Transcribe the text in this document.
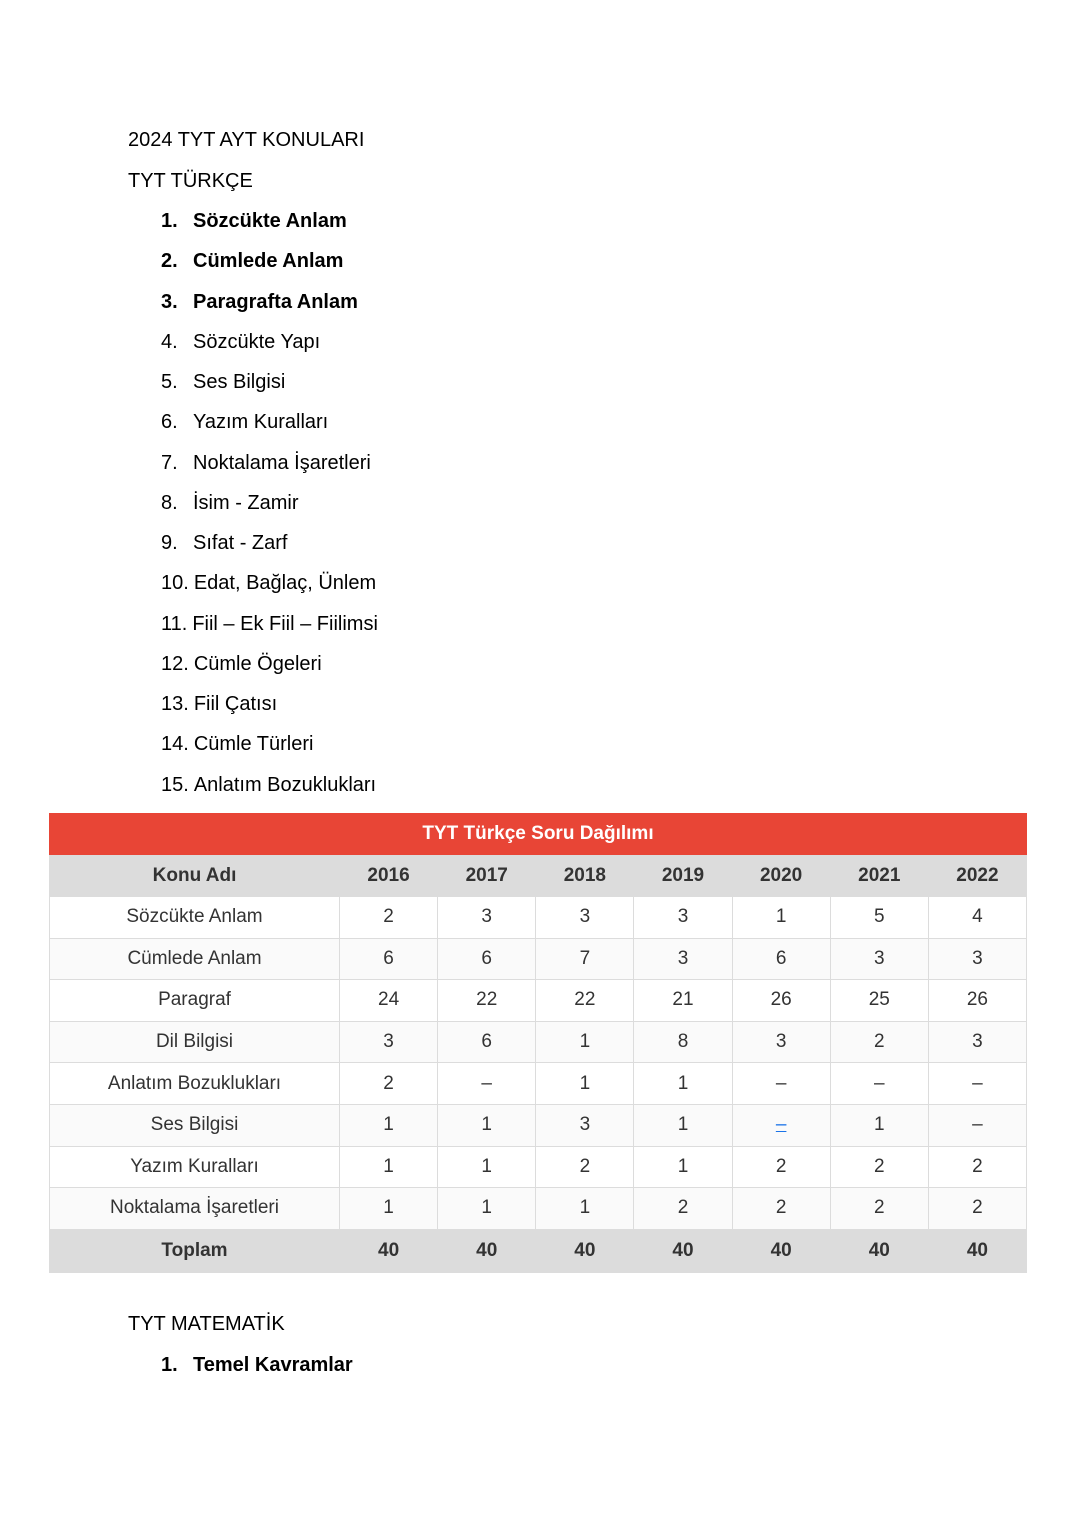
2024 TYT AYT KONULARI
TYT TÜRKÇE
1. Sözcükte Anlam
2. Cümlede Anlam
3. Paragrafta Anlam
4. Sözcükte Yapı
5. Ses Bilgisi
6. Yazım Kuralları
7. Noktalama İşaretleri
8. İsim - Zamir
9. Sıfat - Zarf
10. Edat, Bağlaç, Ünlem
11. Fiil – Ek Fiil – Fiilimsi
12. Cümle Ögeleri
13. Fiil Çatısı
14. Cümle Türleri
15. Anlatım Bozuklukları
TYT Türkçe Soru Dağılımı							
Konu Adı	2016	2017	2018	2019	2020	2021	2022
Sözcükte Anlam	2	3	3	3	1	5	4
Cümlede Anlam	6	6	7	3	6	3	3
Paragraf	24	22	22	21	26	25	26
Dil Bilgisi	3	6	1	8	3	2	3
Anlatım Bozuklukları	2	–	1	1	–	–	–
Ses Bilgisi	1	1	3	1	–	1	–
Yazım Kuralları	1	1	2	1	2	2	2
Noktalama İşaretleri	1	1	1	2	2	2	2
Toplam	40	40	40	40	40	40	40
TYT MATEMATİK
1. Temel Kavramlar
